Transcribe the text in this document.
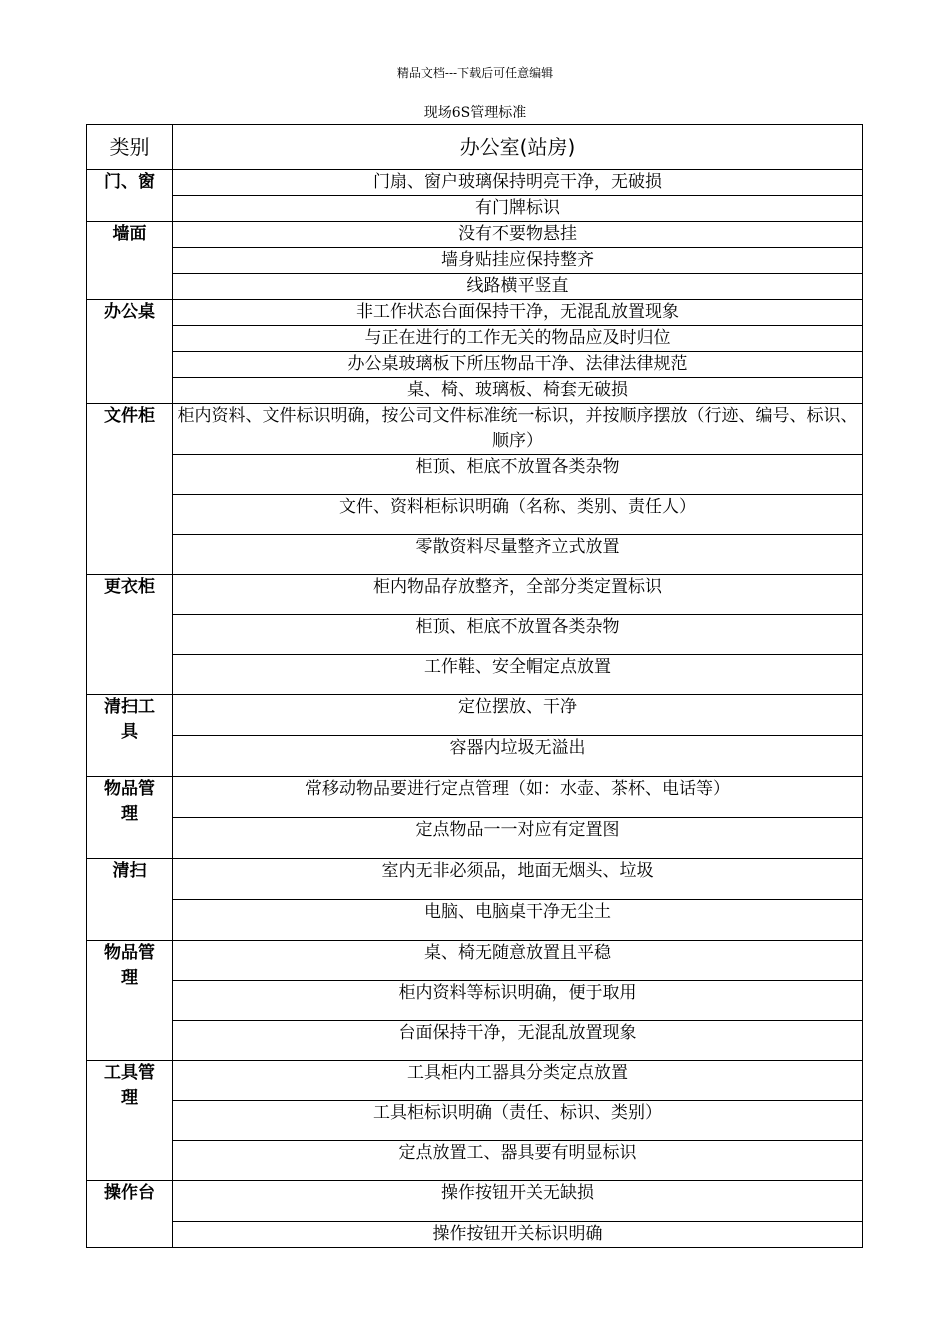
精品文档---下载后可任意编辑
现场6S管理标准
类别	办公室(站房)
门、窗	门扇、窗户玻璃保持明亮干净，无破损
	有门牌标识
墙面	没有不要物悬挂
	墙身贴挂应保持整齐
	线路横平竖直
办公桌	非工作状态台面保持干净，无混乱放置现象
	与正在进行的工作无关的物品应及时归位
	办公桌玻璃板下所压物品干净、法律法律规范
	桌、椅、玻璃板、椅套无破损
文件柜	柜内资料、文件标识明确，按公司文件标准统一标识，并按顺序摆放（行迹、编号、标识、顺序）
	柜顶、柜底不放置各类杂物
	文件、资料柜标识明确（名称、类别、责任人）
	零散资料尽量整齐立式放置
更衣柜	柜内物品存放整齐，全部分类定置标识
	柜顶、柜底不放置各类杂物
	工作鞋、安全帽定点放置

清扫工
具	定位摆放、干净
	容器内垃圾无溢出

物品管
理	常移动物品要进行定点管理（如：水壶、茶杯、电话等）
	定点物品一一对应有定置图
清扫	室内无非必须品，地面无烟头、垃圾
	电脑、电脑桌干净无尘土

物品管
理	桌、椅无随意放置且平稳
	柜内资料等标识明确，便于取用
	台面保持干净，无混乱放置现象

工具管
理	工具柜内工器具分类定点放置
	工具柜标识明确（责任、标识、类别）
	定点放置工、器具要有明显标识
操作台	操作按钮开关无缺损
	操作按钮开关标识明确
